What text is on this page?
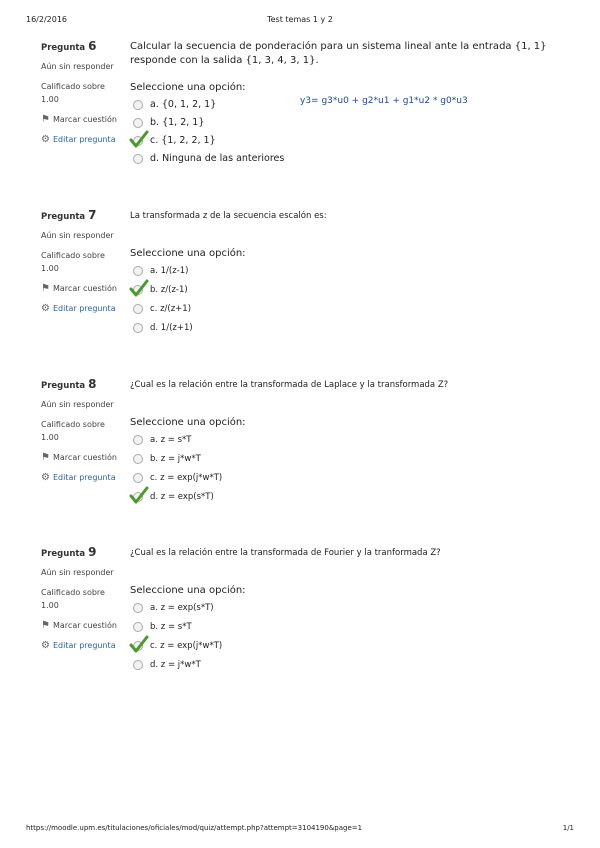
16/2/2016	Test temas 1 y 2
Pregunta 6
Aún sin responder
Calificado sobre 1.00
⚑ Marcar cuestión
⚙ Editar pregunta
Calcular la secuencia de ponderación para un sistema lineal ante la entrada {1, 1} responde con la salida {1, 3, 4, 3, 1}.
Seleccione una opción:
a. {0, 1, 2, 1}
b. {1, 2, 1}
c. {1, 2, 2, 1}
d. Ninguna de las anteriores
y3= g3*u0 + g2*u1 + g1*u2 * g0*u3
Pregunta 7
Aún sin responder
Calificado sobre 1.00
⚑ Marcar cuestión
⚙ Editar pregunta
La transformada z de la secuencia escalón es:
Seleccione una opción:
a. 1/(z-1)
b. z/(z-1)
c. z/(z+1)
d. 1/(z+1)
Pregunta 8
Aún sin responder
Calificado sobre 1.00
⚑ Marcar cuestión
⚙ Editar pregunta
¿Cual es la relación entre la transformada de Laplace y la transformada Z?
Seleccione una opción:
a. z = s*T
b. z = j*w*T
c. z = exp(j*w*T)
d. z = exp(s*T)
Pregunta 9
Aún sin responder
Calificado sobre 1.00
⚑ Marcar cuestión
⚙ Editar pregunta
¿Cual es la relación entre la transformada de Fourier y la tranformada Z?
Seleccione una opción:
a. z = exp(s*T)
b. z = s*T
c. z = exp(j*w*T)
d. z = j*w*T
https://moodle.upm.es/titulaciones/oficiales/mod/quiz/attempt.php?attempt=3104190&page=1	1/1
